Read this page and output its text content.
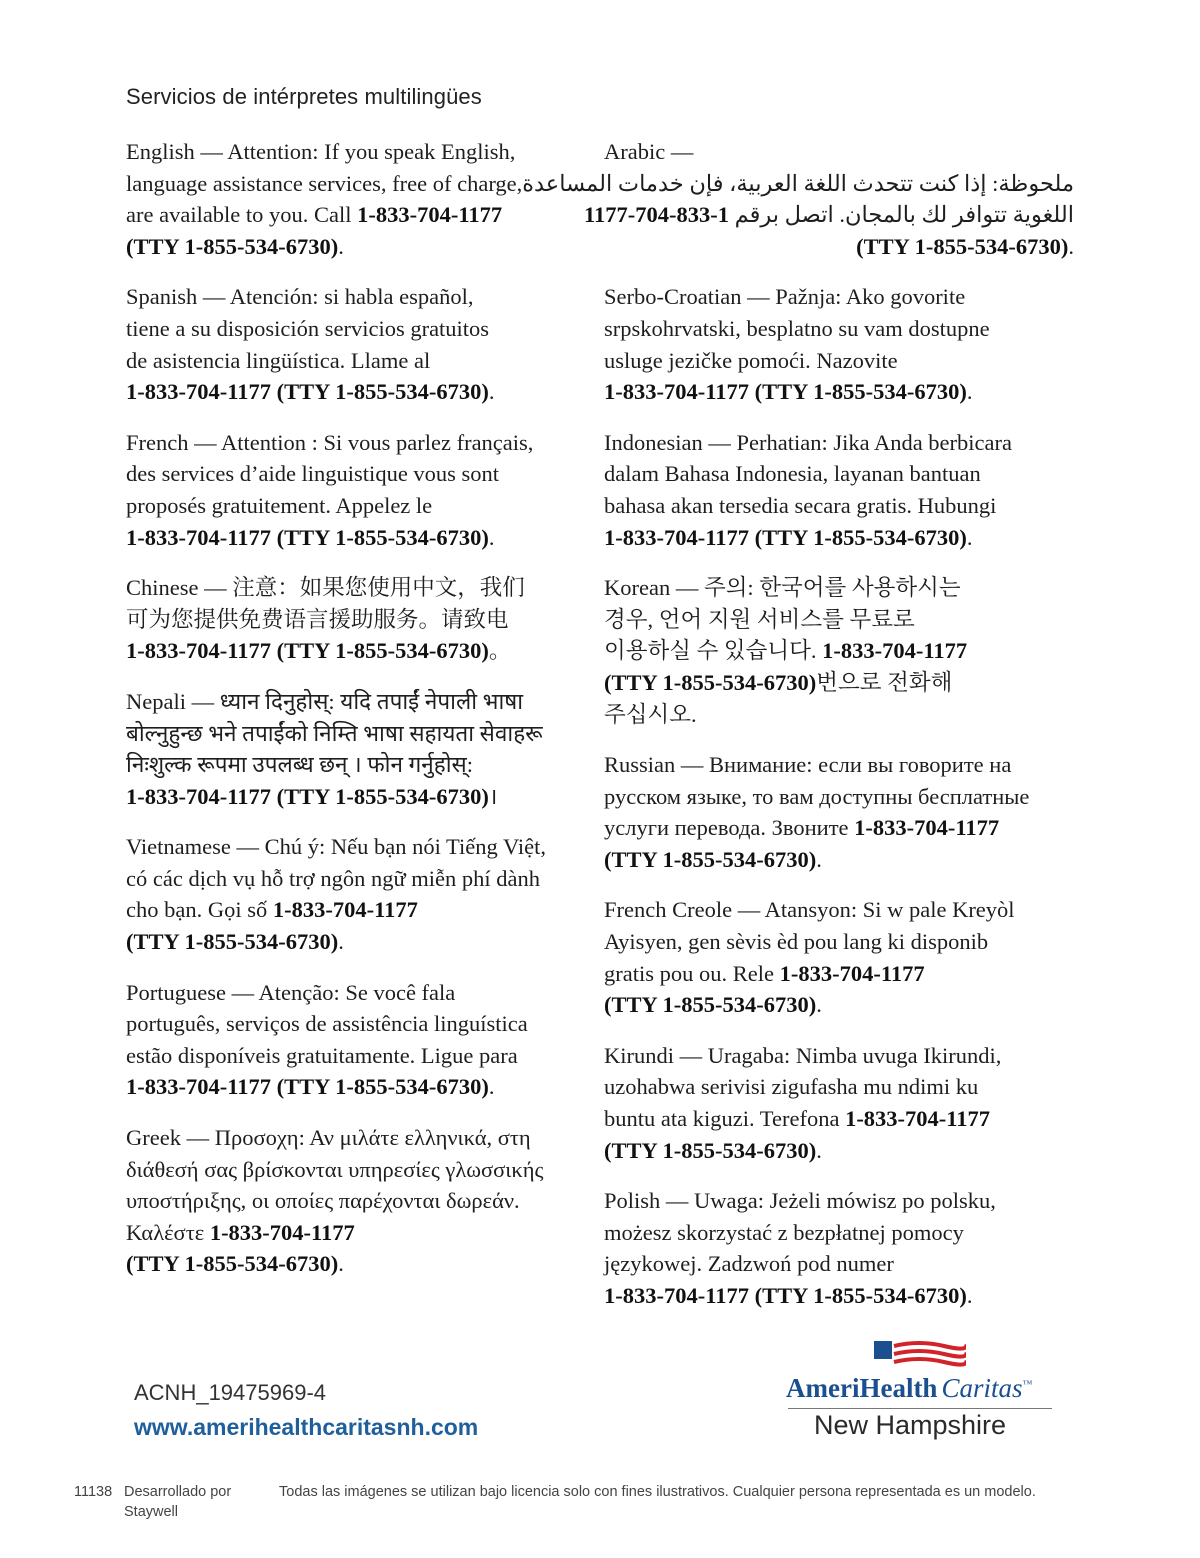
Servicios de intérpretes multilingües
English — Attention: If you speak English,
language assistance services, free of charge,
are available to you. Call 1-833-704-1177
(TTY 1-855-534-6730).
Spanish — Atención: si habla español,
tiene a su disposición servicios gratuitos
de asistencia lingüística. Llame al
1-833-704-1177 (TTY 1-855-534-6730).
French — Attention : Si vous parlez français,
des services d’aide linguistique vous sont
proposés gratuitement. Appelez le
1-833-704-1177 (TTY 1-855-534-6730).
Chinese — 注意：如果您使用中文，我们
可为您提供免费语言援助服务。请致电
1-833-704-1177 (TTY 1-855-534-6730)。
Nepali — ध्यान दिनुहोस्: यदि तपाईं नेपाली भाषा
बोल्नुहुन्छ भने तपाईंको निम्ति भाषा सहायता सेवाहरू
निःशुल्क रूपमा उपलब्ध छन् । फोन गर्नुहोस्:
1-833-704-1177 (TTY 1-855-534-6730)।
Vietnamese — Chú ý: Nếu bạn nói Tiếng Việt,
có các dịch vụ hỗ trợ ngôn ngữ miễn phí dành
cho bạn. Gọi số 1-833-704-1177
(TTY 1-855-534-6730).
Portuguese — Atenção: Se você fala
português, serviços de assistência linguística
estão disponíveis gratuitamente. Ligue para
1-833-704-1177 (TTY 1-855-534-6730).
Greek — Προσοχη: Αν μιλάτε ελληνικά, στη
διάθεσή σας βρίσκονται υπηρεσίες γλωσσικής
υποστήριξης, οι οποίες παρέχονται δωρεάν.
Καλέστε 1-833-704-1177
(TTY 1-855-534-6730).
Arabic —
ملحوظة: إذا كنت تتحدث اللغة العربية، فإن خدمات المساعدة
اللغوية تتوافر لك بالمجان. اتصل برقم 1-833-704-1177
(TTY 1-855-534-6730).
Serbo-Croatian — Pažnja: Ako govorite
srpskohrvatski, besplatno su vam dostupne
usluge jezičke pomoći. Nazovite
1-833-704-1177 (TTY 1-855-534-6730).
Indonesian — Perhatian: Jika Anda berbicara
dalam Bahasa Indonesia, layanan bantuan
bahasa akan tersedia secara gratis. Hubungi
1-833-704-1177 (TTY 1-855-534-6730).
Korean — 주의: 한국어를 사용하시는
경우, 언어 지원 서비스를 무료로
이용하실 수 있습니다. 1-833-704-1177
(TTY 1-855-534-6730)번으로 전화해
주십시오.
Russian — Внимание: если вы говорите на
русском языке, то вам доступны бесплатные
услуги перевода. Звоните 1-833-704-1177
(TTY 1-855-534-6730).
French Creole — Atansyon: Si w pale Kreyòl
Ayisyen, gen sèvis èd pou lang ki disponib
gratis pou ou. Rele 1-833-704-1177
(TTY 1-855-534-6730).
Kirundi — Uragaba: Nimba uvuga Ikirundi,
uzohabwa serivisi zigufasha mu ndimi ku
buntu ata kiguzi. Terefona 1-833-704-1177
(TTY 1-855-534-6730).
Polish — Uwaga: Jeżeli mówisz po polsku,
możesz skorzystać z bezpłatnej pomocy
językowej. Zadzwoń pod numer
1-833-704-1177 (TTY 1-855-534-6730).
ACNH_19475969-4
www.amerihealthcaritasnh.com
AmeriHealth Caritas™
New Hampshire
11138 Desarrollado por Staywell
Todas las imágenes se utilizan bajo licencia solo con fines ilustrativos. Cualquier persona representada es un modelo.
